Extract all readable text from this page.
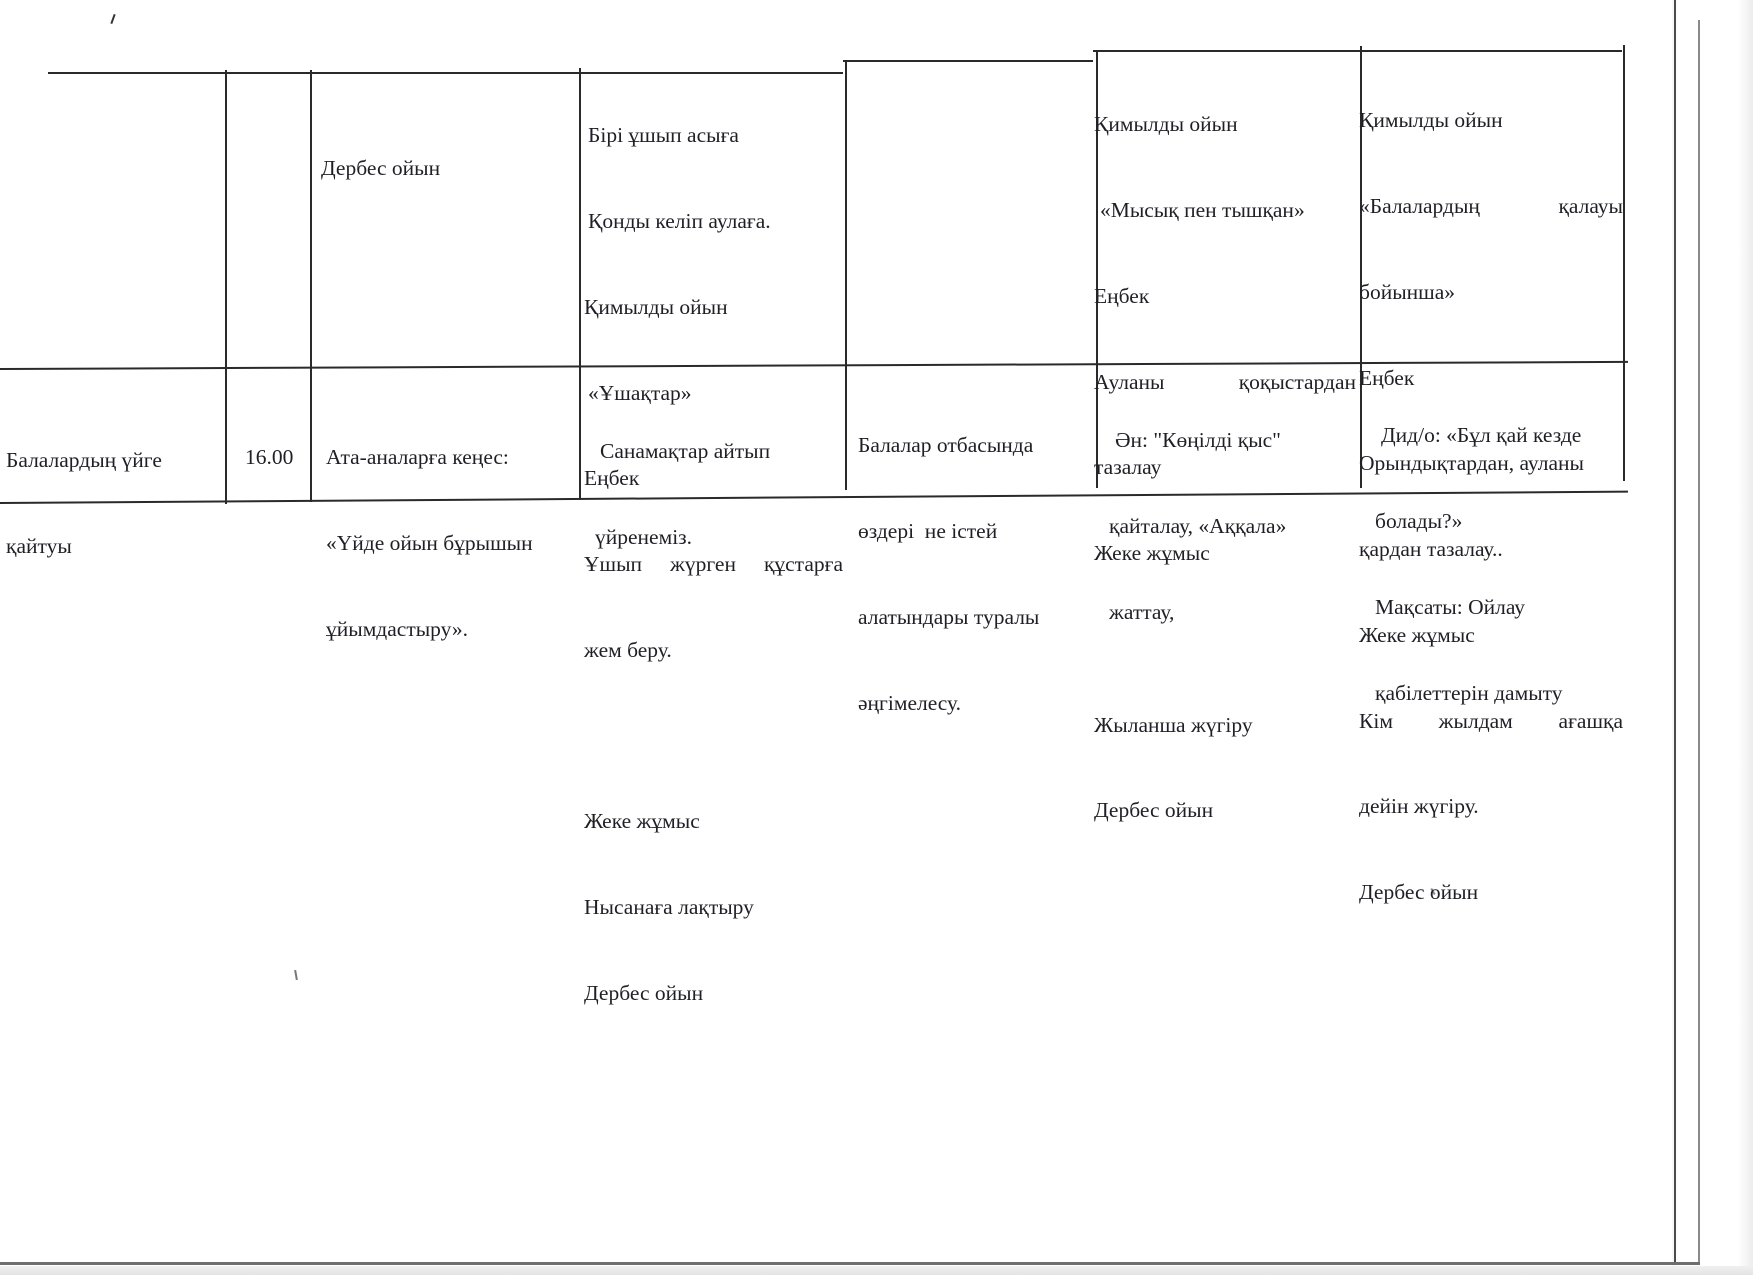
Дербес ойын

Бірі ұшып асыға

Қонды келіп аулаға.

Қимылды ойын

«Ұшақтар»

Еңбек

Ұшып жүрген құстарға

жем беру.

Жеке жұмыс

Нысанаға лақтыру

Дербес ойын

Қимылды ойын

«Мысық пен тышқан»

Еңбек

Ауланы	қоқыстардан

тазалау

Жеке жұмыс

Жыланша жүгіру

Дербес ойын

Қимылды ойын

«Балалардың	қалауы

бойынша»

Еңбек

Орындықтардан, ауланы

қардан тазалау..

Жеке жұмыс

Кім жылдам ағашқа

дейін жүгіру.

Дербес ойын

Балалардың үйге

қайтуы

16.00

Ата-аналарға кеңес:

«Үйде ойын бұрышын

ұйымдастыру».

Санамақтар айтып

үйренеміз.

Балалар отбасында

өздері  не істей

алатындары туралы

әңгімелесу.

Ән: "Көңілді қыс"

қайталау, «Аққала»

жаттау,

Дид/о: «Бұл қай кезде

болады?»

Мақсаты: Ойлау

қабілеттерін дамыту
